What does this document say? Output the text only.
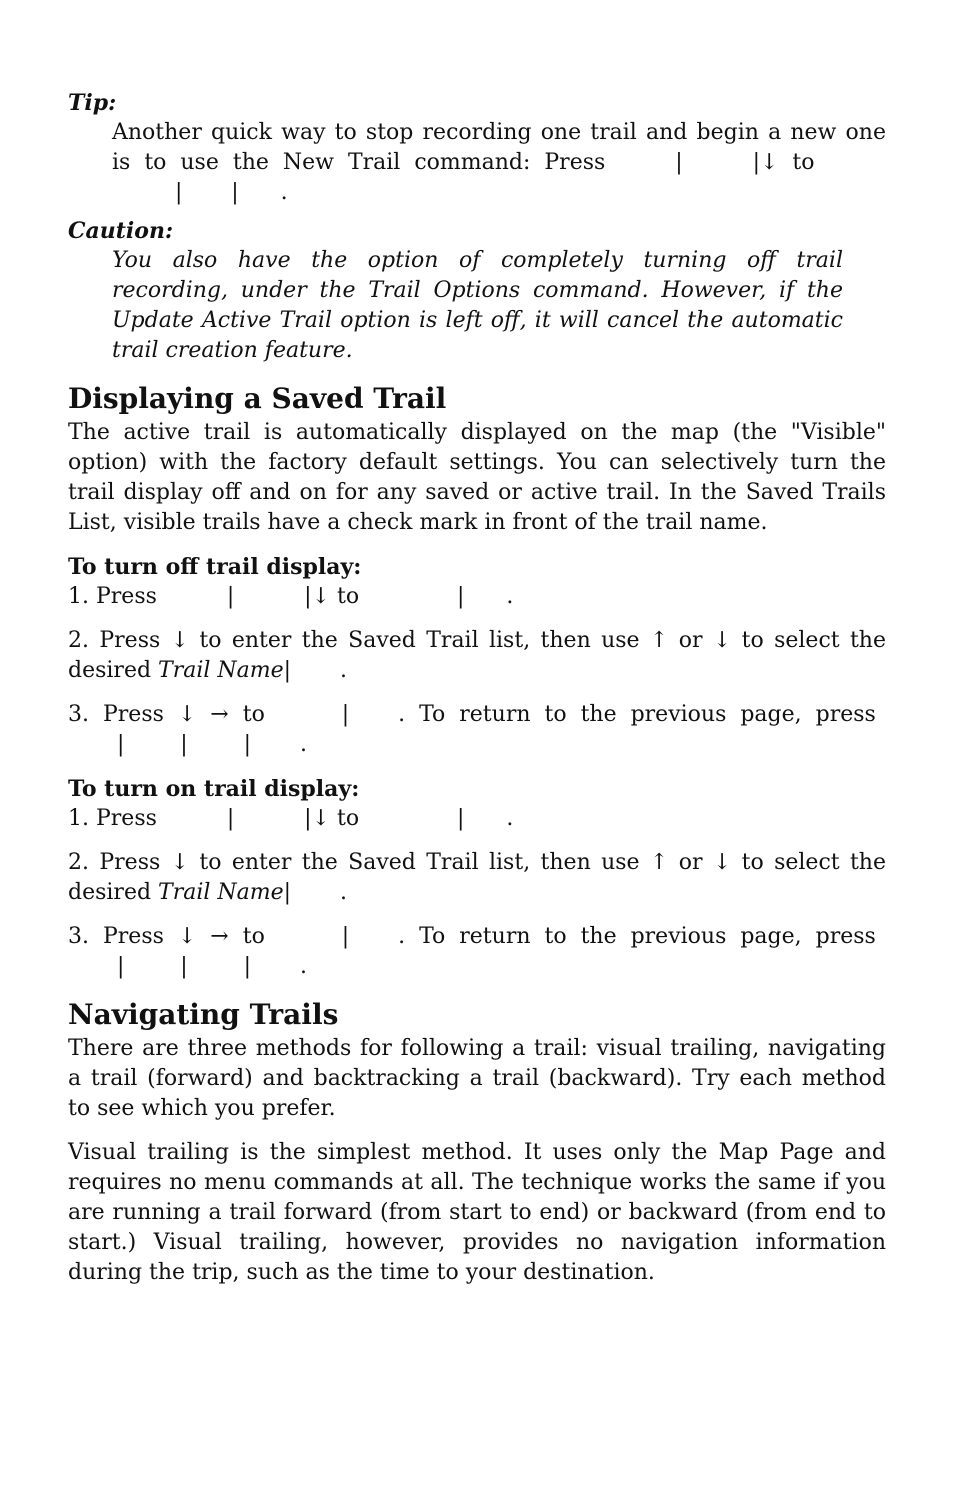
Tip:
Another quick way to stop recording one trail and begin a new one
is  to  use  the  New  Trail  command:  Press          |          |↓  to
|       |      .
Caution:
You also have the option of completely turning off trail recording, under the Trail Options command. However, if the Update Active Trail option is left off, it will cancel the automatic trail creation feature.
Displaying a Saved Trail

The active trail is automatically displayed on the map (the "Visible" option) with the factory default settings. You can selectively turn the trail display off and on for any saved or active trail. In the Saved Trails List, visible trails have a check mark in front of the trail name.

To turn off trail display:
1. Press          |          |↓ to              |      .
2. Press ↓ to enter the Saved Trail list, then use ↑ or ↓ to select the desired Trail Name|       .
3.  Press  ↓  →  to           |       .  To  return  to  the  previous  page,  press
|        |        |       .
To turn on trail display:
1. Press          |          |↓ to              |      .
2. Press ↓ to enter the Saved Trail list, then use ↑ or ↓ to select the desired Trail Name|       .
3.  Press  ↓  →  to           |       .  To  return  to  the  previous  page,  press
|        |        |       .
Navigating Trails

There are three methods for following a trail: visual trailing, navigating a trail (forward) and backtracking a trail (backward). Try each method to see which you prefer.

Visual trailing is the simplest method. It uses only the Map Page and requires no menu commands at all. The technique works the same if you are running a trail forward (from start to end) or backward (from end to start.) Visual trailing, however, provides no navigation information during the trip, such as the time to your destination.
